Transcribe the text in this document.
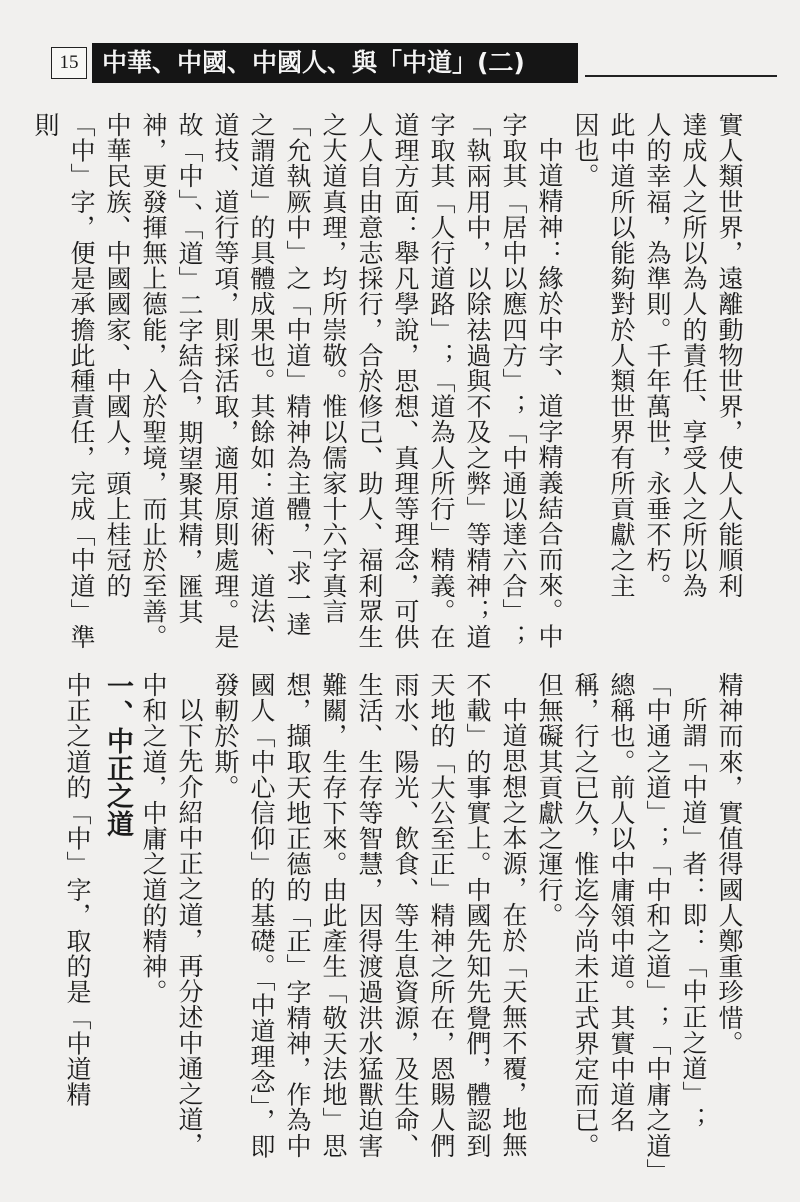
15 中華、中國、中國人、與「中道」(二)

實人類世界，遠離動物世界，使人人能順利

達成人之所以為人的責任、享受人之所以為

人的幸福，為準則。千年萬世，永垂不朽。

此中道所以能夠對於人類世界有所貢獻之主

因也。

中道精神：緣於中字、道字精義結合而來。中字取其「居中以應四方」；「中通以達六合」；「執兩用中，以除祛過與不及之弊」等精神；道字取其「人行道路」；「道為人所行」精義。在道理方面：舉凡學說，思想、真理等理念，可供人人自由意志採行，合於修己、助人、福利眾生之大道真理，均所崇敬。惟以儒家十六字真言「允執厥中」之「中道」精神為主體，「求一達之謂道」的具體成果也。其餘如：道術、道法、道技、道行等項，則採活取，適用原則處理。是故「中」、「道」二字結合，期望聚其精，匯其神，更發揮無上德能，入於聖境，而止於至善。中華民族、中國國家、中國人，頭上桂冠的「中」字，便是承擔此種責任，完成「中道」準則

精神而來，實值得國人鄭重珍惜。

所謂「中道」者：即：「中正之道」；「中通之道」；「中和之道」；「中庸之道」總稱也。前人以中庸領中道。其實中道名稱，行之已久，惟迄今尚未正式界定而已。但無礙其貢獻之運行。

中道思想之本源，在於「天無不覆，地無不載」的事實上。中國先知先覺們，體認到天地的「大公至正」精神之所在，恩賜人們雨水、陽光、飲食、等生息資源，及生命、生活、生存等智慧，因得渡過洪水猛獸迫害難關，生存下來。由此產生「敬天法地」思想，擷取天地正德的「正」字精神，作為中國人「中心信仰」的基礎。「中道理念」，即發軔於斯。

以下先介紹中正之道，再分述中通之道，中和之道，中庸之道的精神。

一、中正之道

中正之道的「中」字，取的是「中道精
